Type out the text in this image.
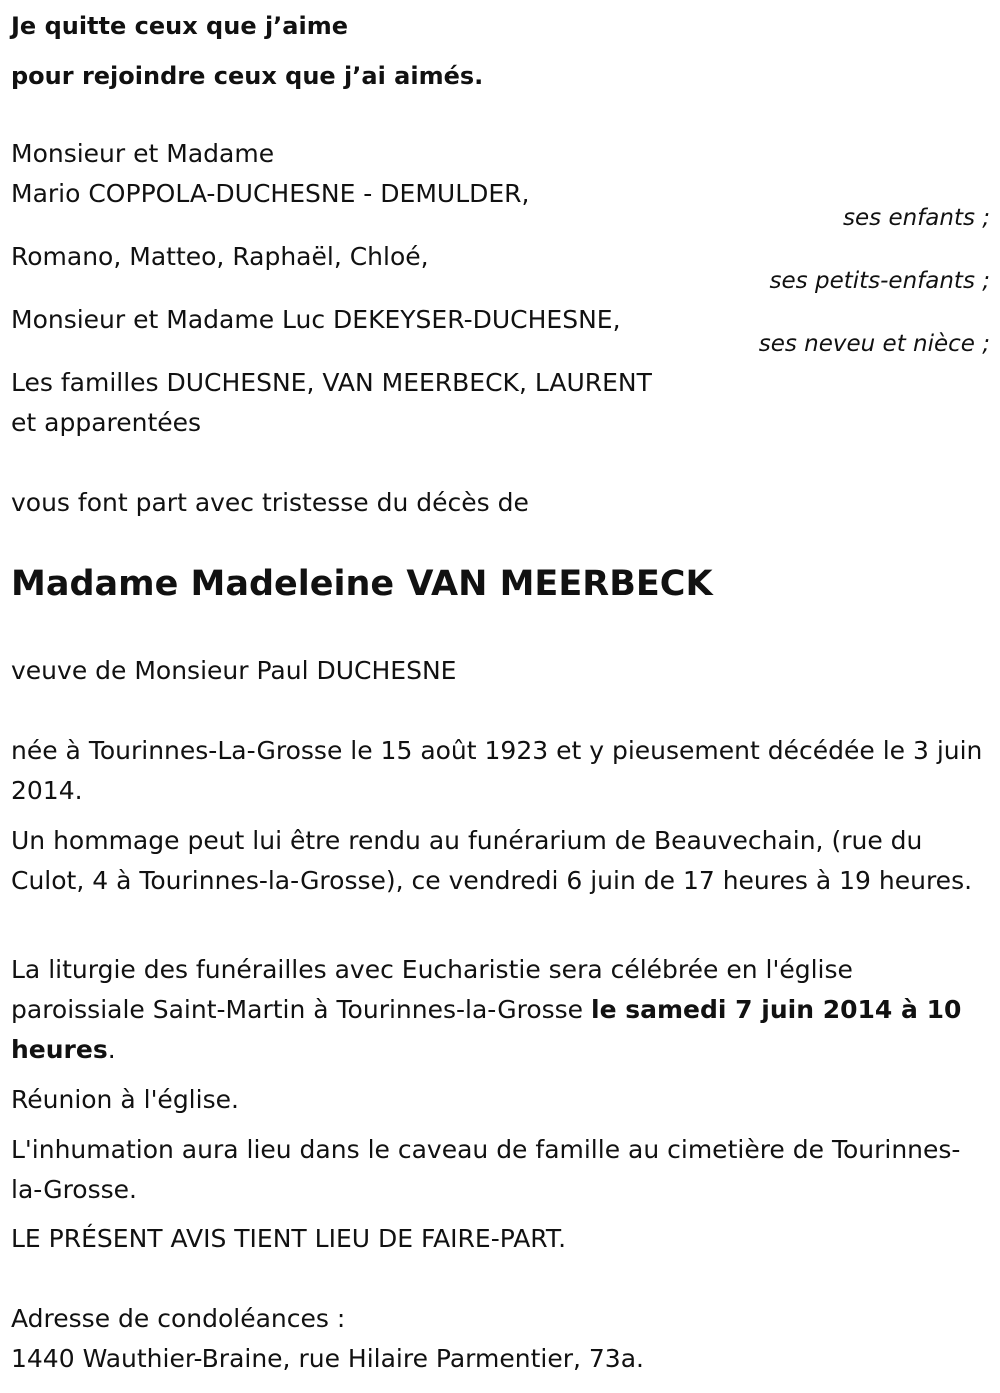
Je quitte ceux que j’aime
pour rejoindre ceux que j’ai aimés.
Monsieur et Madame
Mario COPPOLA-DUCHESNE - DEMULDER,
ses enfants ;
Romano, Matteo, Raphaël, Chloé,
ses petits-enfants ;
Monsieur et Madame Luc DEKEYSER-DUCHESNE,
ses neveu et nièce ;
Les familles DUCHESNE, VAN MEERBECK, LAURENT
et apparentées
vous font part avec tristesse du décès de
Madame Madeleine VAN MEERBECK
veuve de Monsieur Paul DUCHESNE
née à Tourinnes-La-Grosse le 15 août 1923 et y pieusement décédée le 3 juin 2014.
Un hommage peut lui être rendu au funérarium de Beauvechain, (rue du Culot, 4 à Tourinnes-la-Grosse), ce vendredi 6 juin de 17 heures à 19 heures.
La liturgie des funérailles avec Eucharistie sera célébrée en l'église paroissiale Saint-Martin à Tourinnes-la-Grosse le samedi 7 juin 2014 à 10 heures.
Réunion à l'église.
L'inhumation aura lieu dans le caveau de famille au cimetière de Tourinnes-la-Grosse.
LE PRÉSENT AVIS TIENT LIEU DE FAIRE-PART.
Adresse de condoléances :
1440 Wauthier-Braine, rue Hilaire Parmentier, 73a.
